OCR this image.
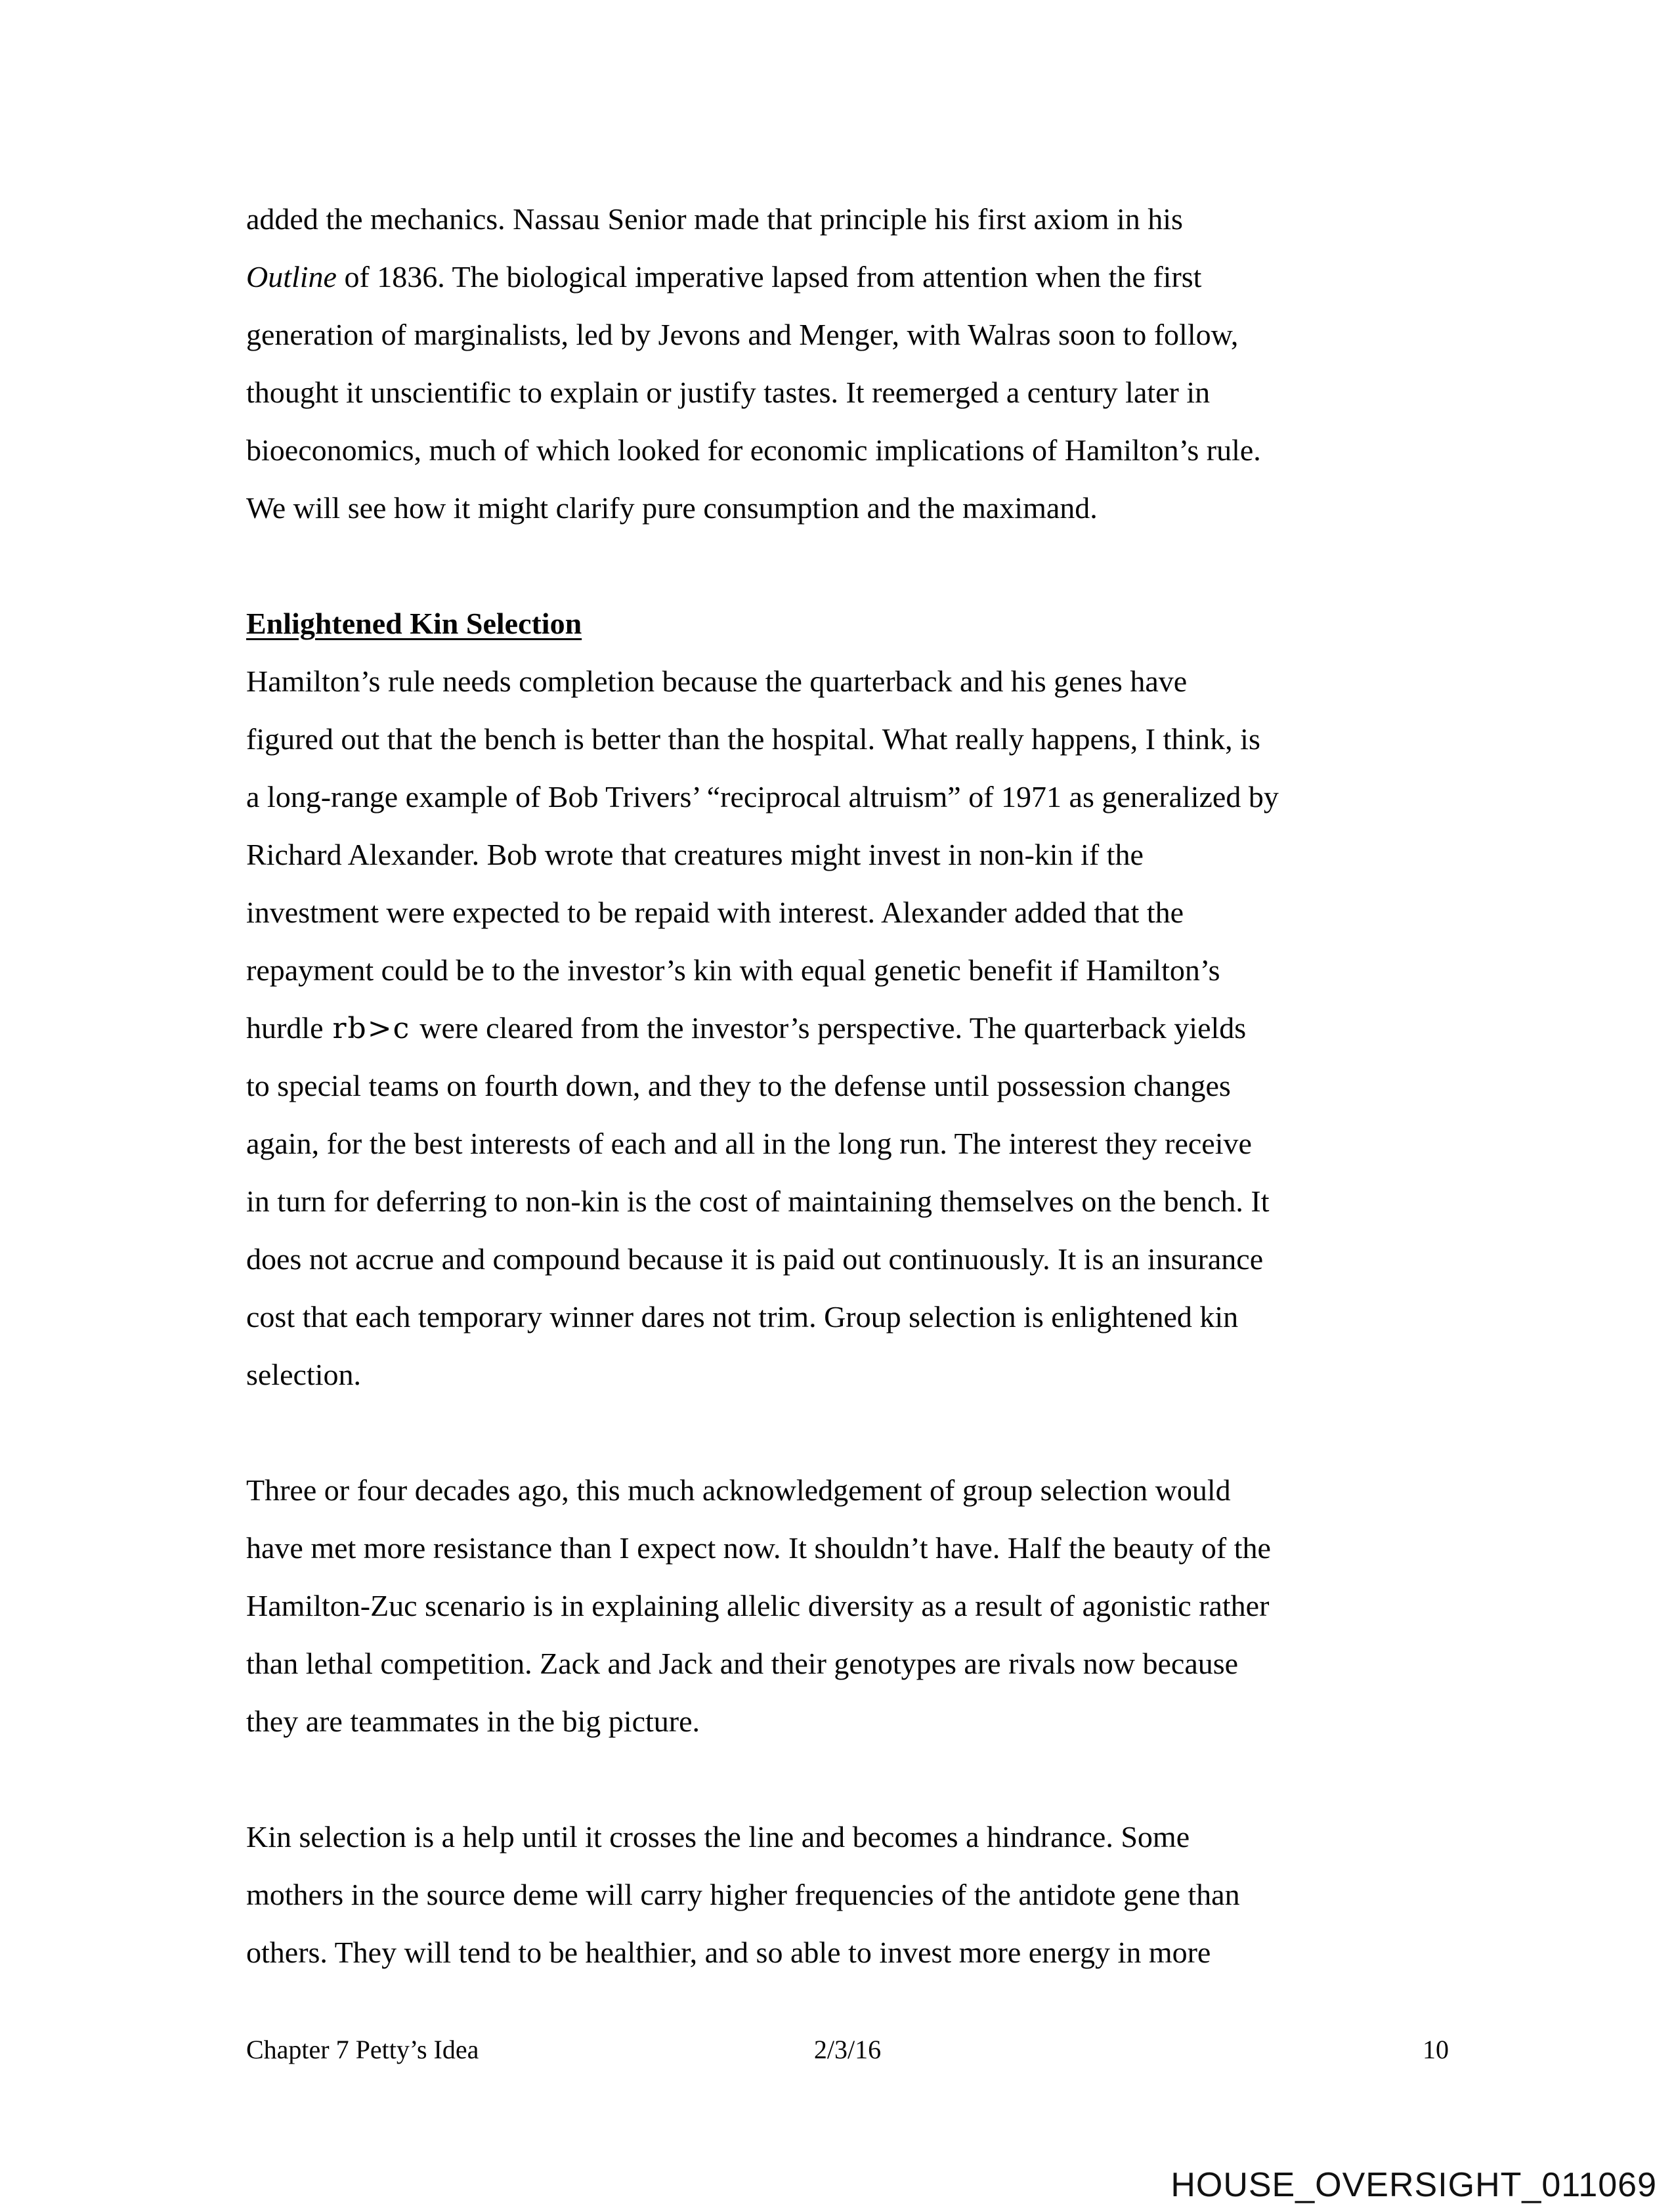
added the mechanics. Nassau Senior made that principle his first axiom in his
Outline of 1836. The biological imperative lapsed from attention when the first
generation of marginalists, led by Jevons and Menger, with Walras soon to follow,
thought it unscientific to explain or justify tastes. It reemerged a century later in
bioeconomics, much of which looked for economic implications of Hamilton’s rule.
We will see how it might clarify pure consumption and the maximand.
Enlightened Kin Selection
Hamilton’s rule needs completion because the quarterback and his genes have
figured out that the bench is better than the hospital. What really happens, I think, is
a long-range example of Bob Trivers’ “reciprocal altruism” of 1971 as generalized by
Richard Alexander. Bob wrote that creatures might invest in non-kin if the
investment were expected to be repaid with interest. Alexander added that the
repayment could be to the investor’s kin with equal genetic benefit if Hamilton’s
hurdle rb>c were cleared from the investor’s perspective. The quarterback yields
to special teams on fourth down, and they to the defense until possession changes
again, for the best interests of each and all in the long run. The interest they receive
in turn for deferring to non-kin is the cost of maintaining themselves on the bench. It
does not accrue and compound because it is paid out continuously. It is an insurance
cost that each temporary winner dares not trim. Group selection is enlightened kin
selection.
Three or four decades ago, this much acknowledgement of group selection would
have met more resistance than I expect now. It shouldn’t have. Half the beauty of the
Hamilton-Zuc scenario is in explaining allelic diversity as a result of agonistic rather
than lethal competition. Zack and Jack and their genotypes are rivals now because
they are teammates in the big picture.
Kin selection is a help until it crosses the line and becomes a hindrance. Some
mothers in the source deme will carry higher frequencies of the antidote gene than
others. They will tend to be healthier, and so able to invest more energy in more
Chapter 7 Petty’s Idea	2/3/16	10
HOUSE_OVERSIGHT_011069
